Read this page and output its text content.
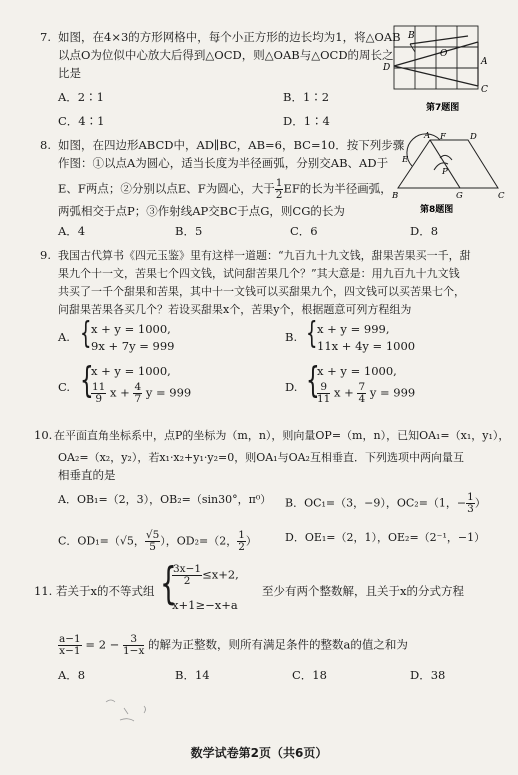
7. 如图，在4×3的方形网格中，每个小正方形的边长均为1，将△OAB
以点O为位似中心放大后得到△OCD，则△OAB与△OCD的周长之
比是
A．2∶1	B．1∶2
C．4∶1	D．1∶4
B
O
A
D
C
第7题图
8. 如图，在四边形ABCD中，AD∥BC，AB=6，BC=10．按下列步骤
作图：①以点A为圆心，适当长度为半径画弧，分别交AB、AD于
E、F两点；②分别以点E、F为圆心，大于 $\frac{1}{2}$ EF的长为半径画弧，
两弧相交于点P；③作射线AP交BC于点G，则CG的长为
A．4	B．5	C．6	D．8
A F	D
E
P
B	G	C
第8题图
9. 我国古代算书《四元玉鉴》里有这样一道题：“九百九十九文钱，甜果苦果买一千，甜
果九个十一文，苦果七个四文钱，试问甜苦果几个？”其大意是：用九百九十九文钱
共买了一千个甜果和苦果，其中十一文钱可以买甜果九个，四文钱可以买苦果七个，
问甜果苦果各买几个？若设买甜果x个，苦果y个，根据题意可列方程组为
A. { x + y = 1000,
9x + 7y = 999
B. { x + y = 999,
11x + 4y = 1000
C. {
x + y = 1000,
$\frac{11}{9}$ $x + \frac{4}{7}$ y = 999	D. {
x + y = 1000,
$\frac{9}{11}$ $x + \frac{7}{4}$ y = 999
10. 在平面直角坐标系中，点P的坐标为（m，n），则向量OP=（m，n），已知OA₁=（x₁，y₁），
OA₂=（x₂，y₂），若x₁·x₂+y₁·y₂=0，则OA₁与OA₂互相垂直．下列选项中两向量互
相垂直的是
A．OB₁=（2，3），OB₂=（sin30°，π⁰） B．OC₁=（3，−9），OC₂=（1，− $\frac{1}{3}$ ）
C．OD₁=（√5， $\frac{√5}{5}$ ），OD₂=（2， $\frac{1}{2}$ ）	D．OE₁=（2，1），OE₂=（2⁻¹，−1）
11. 若关于x的不等式组 {
$\frac{3x-1}{2} \le x+2$,
x+1≥−x+a
至少有两个整数解，且关于x的分式方程
$\frac{a-1}{x-1} = 2 - \frac{3}{1-x}$ 的解为正整数，则所有满足条件的整数a的值之和为
A．8	B．14	C．18	D．38
数学试卷第2页（共6页）
